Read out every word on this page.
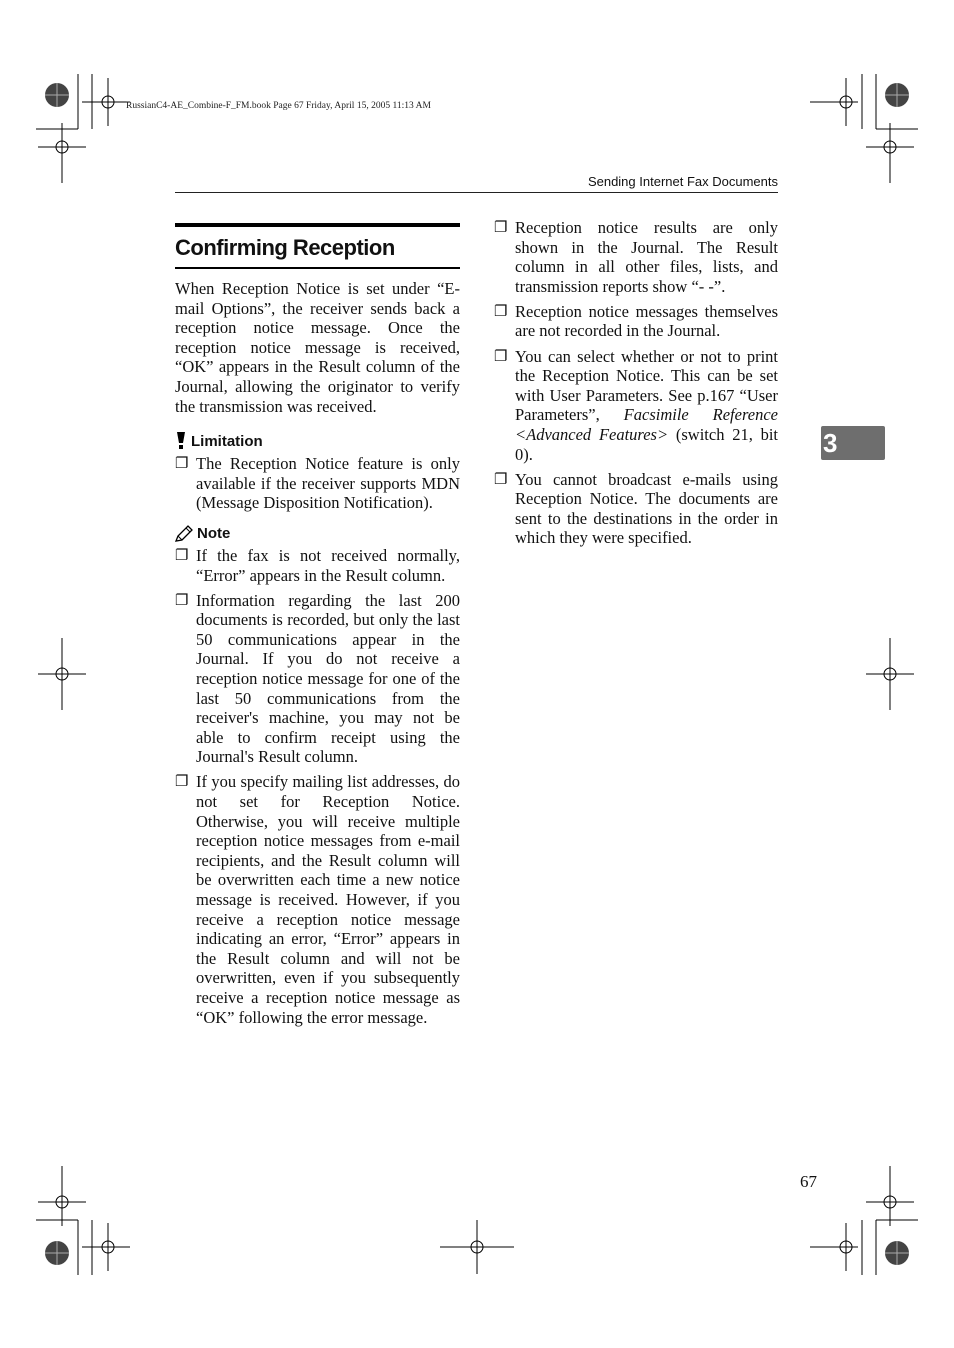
RussianC4-AE_Combine-F_FM.book Page 67 Friday, April 15, 2005 11:13 AM
Sending Internet Fax Documents
Confirming Reception
When Reception Notice is set under “E-mail Options”, the receiver sends back a reception notice message. Once the reception notice message is received, “OK” appears in the Result column of the Journal, allowing the originator to verify the transmission was received.
Limitation
❐ The Reception Notice feature is only available if the receiver supports MDN (Message Disposition Notification).
Note
❐ If the fax is not received normally, “Error” appears in the Result column.
❐ Information regarding the last 200 documents is recorded, but only the last 50 communications appear in the Journal. If you do not receive a reception notice message for one of the last 50 communications from the receiver's machine, you may not be able to confirm receipt using the Journal's Result column.
❐ If you specify mailing list addresses, do not set for Reception Notice. Otherwise, you will receive multiple reception notice messages from e-mail recipients, and the Result column will be overwritten each time a new notice message is received. However, if you receive a reception notice message indicating an error, “Error” appears in the Result column and will not be overwritten, even if you subsequently receive a reception notice message as “OK” following the error message.
❐ Reception notice results are only shown in the Journal. The Result column in all other files, lists, and transmission reports show “- -”.
❐ Reception notice messages themselves are not recorded in the Journal.
❐ You can select whether or not to print the Reception Notice. This can be set with User Parameters. See p.167 “User Parameters”, Facsimile Reference <Advanced Features> (switch 21, bit 0).
❐ You cannot broadcast e-mails using Reception Notice. The documents are sent to the destinations in the order in which they were specified.
3
67
